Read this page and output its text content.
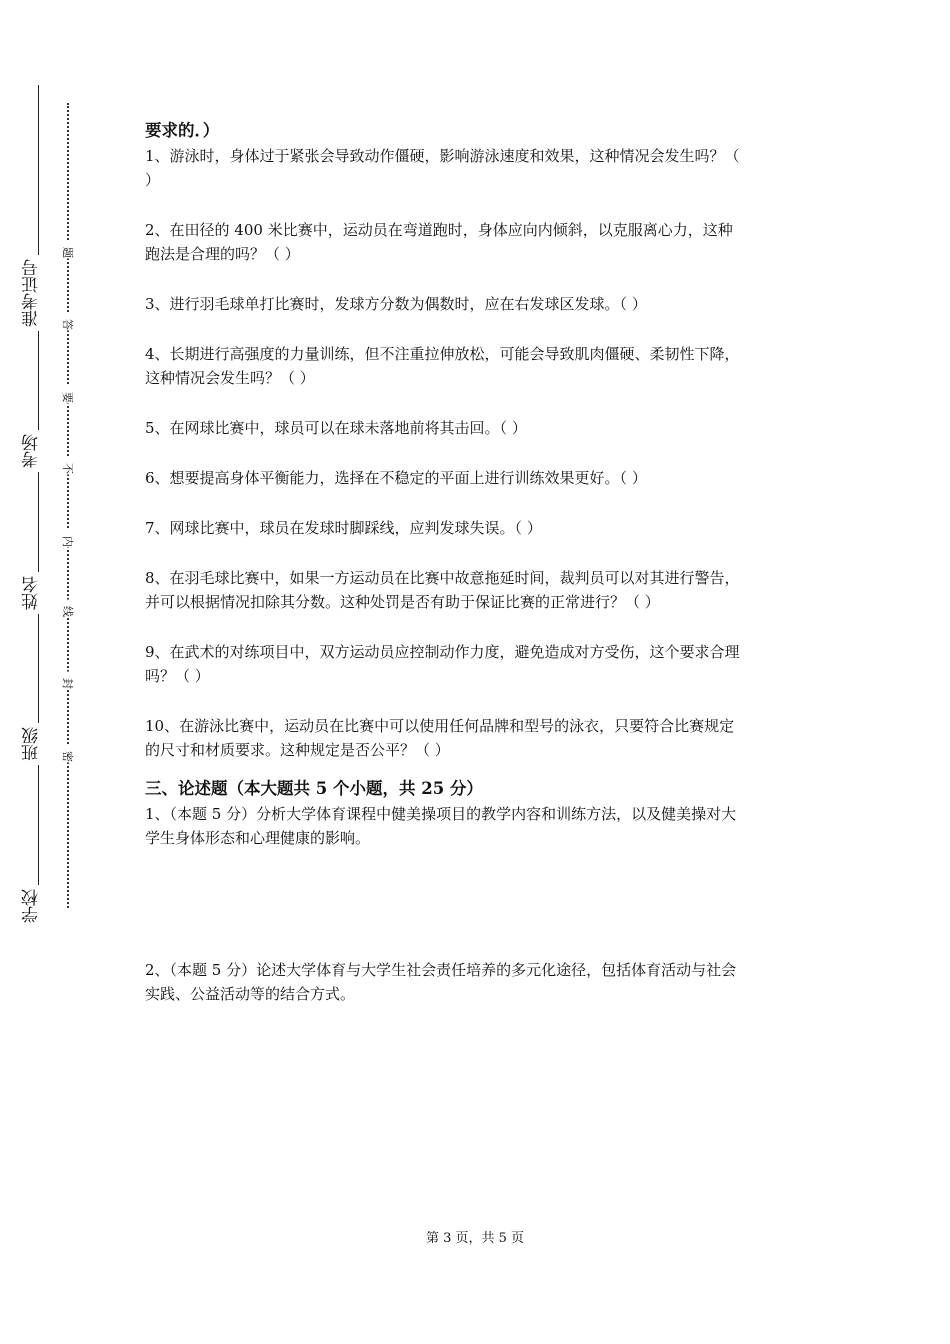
准考证号
考场
姓名
班级
学校
题
答
要
不
内
线
封
密

要求的．）

1、游泳时，身体过于紧张会导致动作僵硬，影响游泳速度和效果，这种情况会发生吗？（

）

2、在田径的 400 米比赛中，运动员在弯道跑时，身体应向内倾斜，以克服离心力，这种

跑法是合理的吗？（ ）

3、进行羽毛球单打比赛时，发球方分数为偶数时，应在右发球区发球。（ ）

4、长期进行高强度的力量训练，但不注重拉伸放松，可能会导致肌肉僵硬、柔韧性下降，

这种情况会发生吗？（ ）

5、在网球比赛中，球员可以在球未落地前将其击回。（ ）

6、想要提高身体平衡能力，选择在不稳定的平面上进行训练效果更好。（ ）

7、网球比赛中，球员在发球时脚踩线，应判发球失误。（ ）

8、在羽毛球比赛中，如果一方运动员在比赛中故意拖延时间，裁判员可以对其进行警告，

并可以根据情况扣除其分数。这种处罚是否有助于保证比赛的正常进行？（ ）

9、在武术的对练项目中，双方运动员应控制动作力度，避免造成对方受伤，这个要求合理

吗？（ ）

10、在游泳比赛中，运动员在比赛中可以使用任何品牌和型号的泳衣，只要符合比赛规定

的尺寸和材质要求。这种规定是否公平？（ ）

三、论述题（本大题共 5 个小题，共 25 分）

1、（本题 5 分）分析大学体育课程中健美操项目的教学内容和训练方法，以及健美操对大

学生身体形态和心理健康的影响。

2、（本题 5 分）论述大学体育与大学生社会责任培养的多元化途径，包括体育活动与社会

实践、公益活动等的结合方式。

第 3 页，共 5 页
